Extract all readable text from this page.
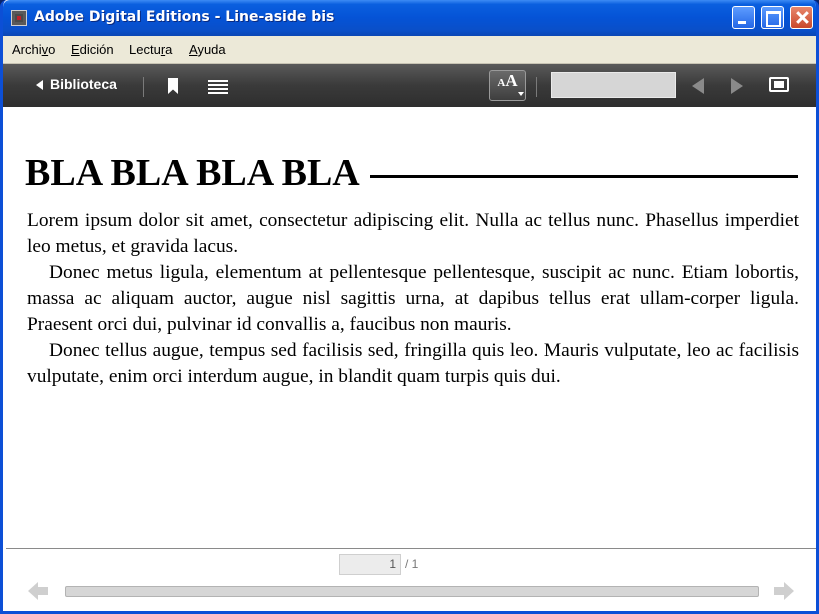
Adobe Digital Editions - Line-aside bis
Archivo Edición Lectura Ayuda
Biblioteca	AA
BLA BLA BLA BLA

Lorem ipsum dolor sit amet, consectetur adipiscing elit. Nulla ac tellus nunc. Phasellus imperdiet leo metus, et gravida lacus.

Donec metus ligula, elementum at pellentesque pellentesque, suscipit ac nunc. Etiam lobortis, massa ac aliquam auctor, augue nisl sagittis urna, at dapibus tellus erat ullam-corper ligula. Praesent orci dui, pulvinar id convallis a, faucibus non mauris.

Donec tellus augue, tempus sed facilisis sed, fringilla quis leo. Mauris vulputate, leo ac facilisis vulputate, enim orci interdum augue, in blandit quam turpis quis dui.

1 / 1
